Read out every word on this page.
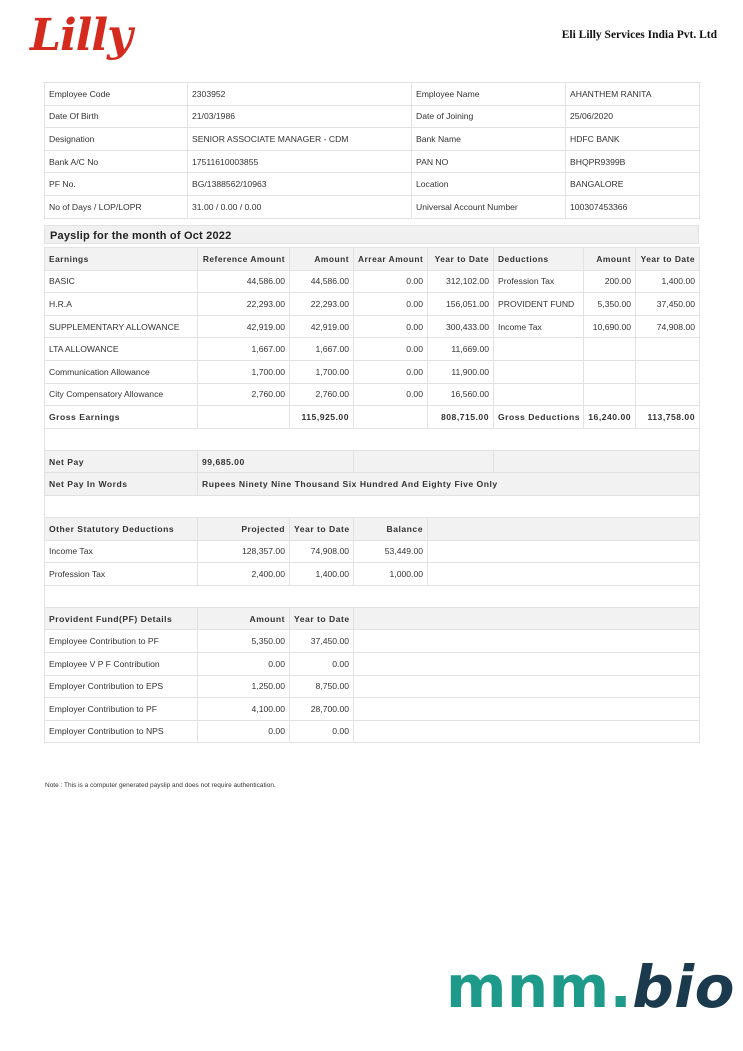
Lilly	Eli Lilly Services India Pvt. Ltd
Employee Code	2303952	Employee Name	AHANTHEM RANITA
Date Of Birth	21/03/1986	Date of Joining	25/06/2020
Designation	SENIOR ASSOCIATE MANAGER - CDM	Bank Name	HDFC BANK
Bank A/C No	17511610003855	PAN NO	BHQPR9399B
PF No.	BG/1388562/10963	Location	BANGALORE
No of Days / LOP/LOPR	31.00 / 0.00 / 0.00	Universal Account Number	100307453366
Payslip for the month of Oct 2022
Earnings	Reference Amount	Amount	Arrear Amount	Year to Date	Deductions	Amount	Year to Date
BASIC	44,586.00	44,586.00	0.00	312,102.00	Profession Tax	200.00	1,400.00
H.R.A	22,293.00	22,293.00	0.00	156,051.00	PROVIDENT FUND	5,350.00	37,450.00
SUPPLEMENTARY ALLOWANCE	42,919.00	42,919.00	0.00	300,433.00	Income Tax	10,690.00	74,908.00
LTA ALLOWANCE	1,667.00	1,667.00	0.00	11,669.00			
Communication Allowance	1,700.00	1,700.00	0.00	11,900.00			
City Compensatory Allowance	2,760.00	2,760.00	0.00	16,560.00			
Gross Earnings		115,925.00		808,715.00	Gross Deductions	16,240.00	113,758.00

Net Pay	99,685.00						
Net Pay In Words	Rupees Ninety Nine Thousand Six Hundred And Eighty Five Only						

Other Statutory Deductions	Projected	Year to Date	Balance				
Income Tax	128,357.00	74,908.00	53,449.00				
Profession Tax	2,400.00	1,400.00	1,000.00				

Provident Fund(PF) Details	Amount	Year to Date					
Employee Contribution to PF	5,350.00	37,450.00					
Employee V P F Contribution	0.00	0.00					
Employer Contribution to EPS	1,250.00	8,750.00					
Employer Contribution to PF	4,100.00	28,700.00					
Employer Contribution to NPS	0.00	0.00					
Note : This is a computer generated payslip and does not require authentication.
mnm.bio
